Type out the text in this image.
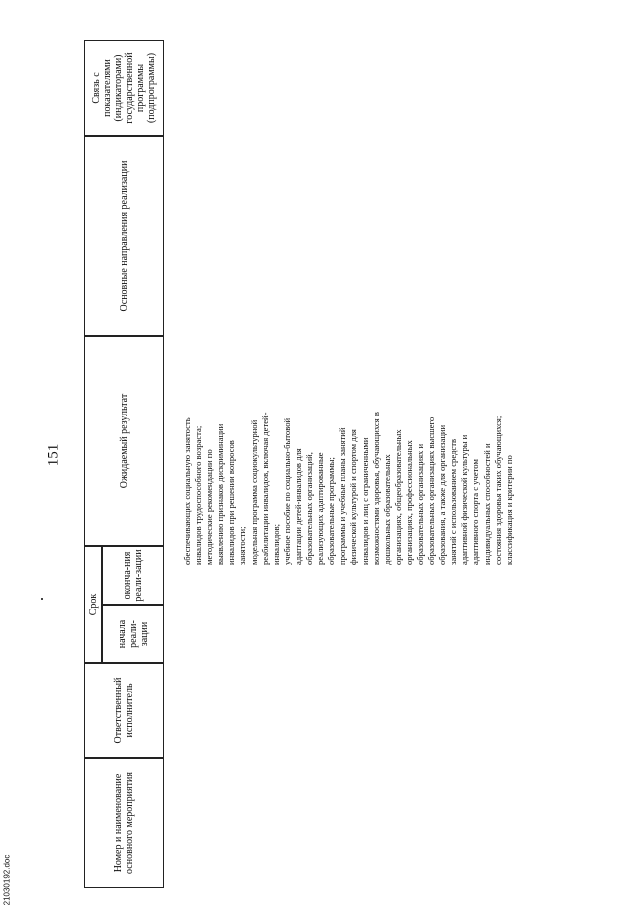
151
21030192.doc
Номер и наименование основного мероприятия
Ответственный исполнитель
Срок
начала реали-зации
оконча-ния реали-зации
Ожидаемый результат
Основные направления реализации
Связь с показателями (индикаторами) государственной программы (подпрограммы)
обеспечивающих социальную занятость инвалидов трудоспособного возраста; методические рекомендации по выявлению признаков дискриминации инвалидов при решении вопросов занятости; модельная программа социокультурной реабилитации инвалидов, включая детей- инвалидов; учебное пособие по социально-бытовой адаптации детей-инвалидов для образовательных организаций, реализующих адаптированные образовательные программы; программы и учебные планы занятий физической культурой и спортом для инвалидов и лиц с ограниченными возможностями здоровья, обучающихся в дошкольных образовательных организациях, общеобразовательных организациях, профессиональных образовательных организациях и образовательных организациях высшего образования, а также для организации занятий с использованием средств адаптивной физической культуры и адаптивного спорта с учетом индивидуальных способностей и состояния здоровья таких обучающихся; классификация и критерии по
